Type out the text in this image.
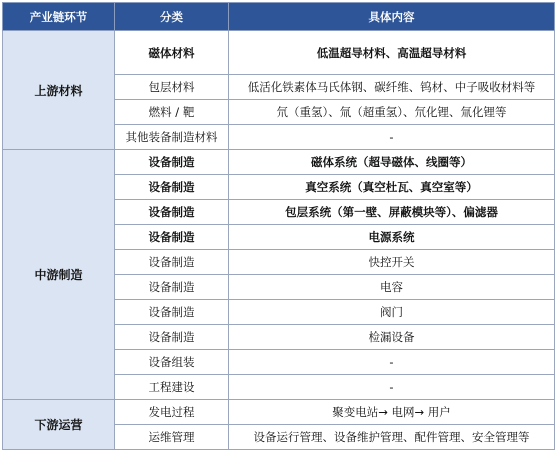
产业链环节	分类	具体内容
上游材料	磁体材料	低温超导材料、高温超导材料
	包层材料	低活化铁素体马氏体钢、碳纤维、钨材、中子吸收材料等
	燃料 / 靶	氘（重氢）、氚（超重氢）、氘化锂、氚化锂等
	其他装备制造材料	-
中游制造	设备制造	磁体系统（超导磁体、线圈等）
	设备制造	真空系统（真空杜瓦、真空室等）
	设备制造	包层系统（第一壁、屏蔽模块等）、偏滤器
	设备制造	电源系统
	设备制造	快控开关
	设备制造	电容
	设备制造	阀门
	设备制造	检漏设备
	设备组装	-
	工程建设	-
下游运营	发电过程	聚变电站→ 电网→ 用户
	运维管理	设备运行管理、设备维护管理、配件管理、安全管理等
